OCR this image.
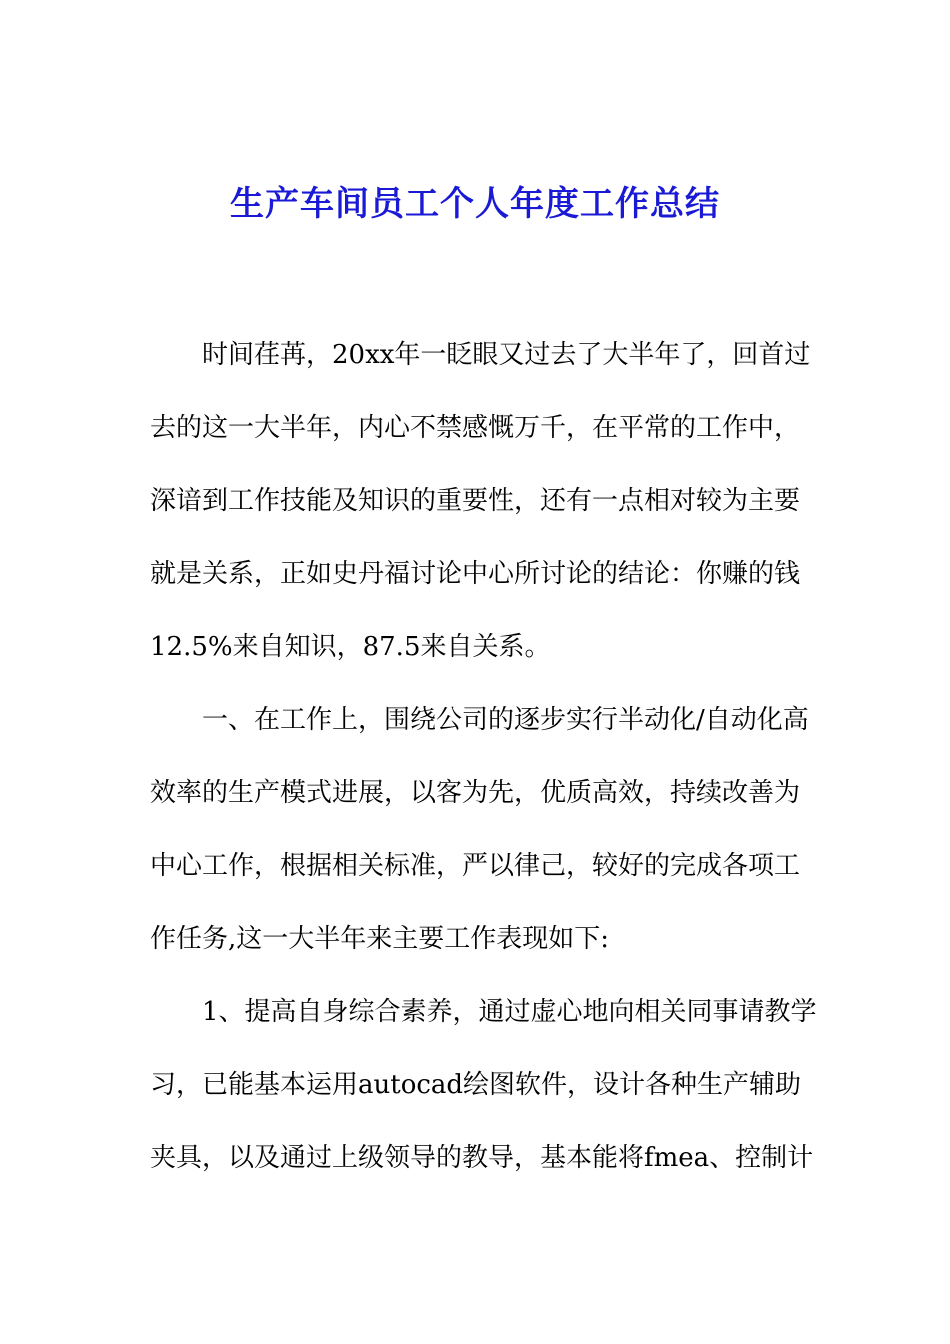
生产车间员工个人年度工作总结
时间荏苒，20xx年一眨眼又过去了大半年了，回首过
去的这一大半年，内心不禁感慨万千，在平常的工作中，
深谙到工作技能及知识的重要性，还有一点相对较为主要
就是关系，正如史丹福讨论中心所讨论的结论：你赚的钱
12.5%来自知识，87.5来自关系。
一、在工作上，围绕公司的逐步实行半动化/自动化高
效率的生产模式进展，以客为先，优质高效，持续改善为
中心工作，根据相关标准，严以律己，较好的完成各项工
作任务,这一大半年来主要工作表现如下:
1、提高自身综合素养，通过虚心地向相关同事请教学
习，已能基本运用autocad绘图软件，设计各种生产辅助
夹具，以及通过上级领导的教导，基本能将fmea、控制计
